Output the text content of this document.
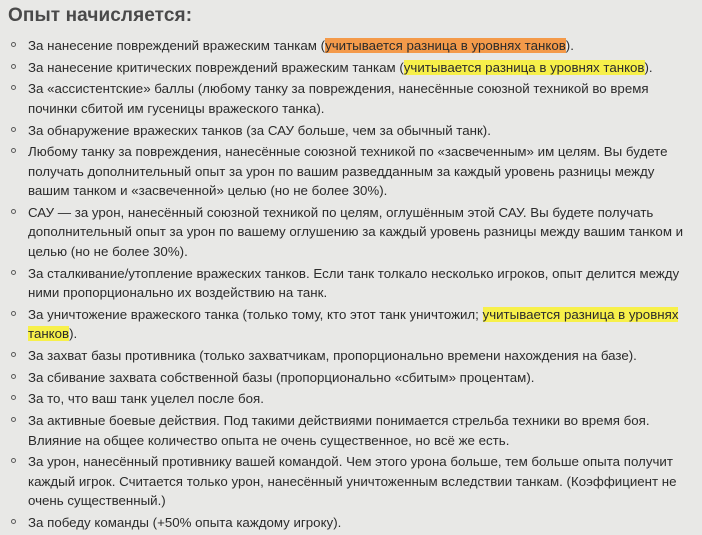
Опыт начисляется:
За нанесение повреждений вражеским танкам (учитывается разница в уровнях танков).
За нанесение критических повреждений вражеским танкам (учитывается разница в уровнях танков).
За «ассистентские» баллы (любому танку за повреждения, нанесённые союзной техникой во время починки сбитой им гусеницы вражеского танка).
За обнаружение вражеских танков (за САУ больше, чем за обычный танк).
Любому танку за повреждения, нанесённые союзной техникой по «засвеченным» им целям. Вы будете получать дополнительный опыт за урон по вашим разведданным за каждый уровень разницы между вашим танком и «засвеченной» целью (но не более 30%).
САУ — за урон, нанесённый союзной техникой по целям, оглушённым этой САУ. Вы будете получать дополнительный опыт за урон по вашему оглушению за каждый уровень разницы между вашим танком и целью (но не более 30%).
За сталкивание/утопление вражеских танков. Если танк толкало несколько игроков, опыт делится между ними пропорционально их воздействию на танк.
За уничтожение вражеского танка (только тому, кто этот танк уничтожил; учитывается разница в уровнях танков).
За захват базы противника (только захватчикам, пропорционально времени нахождения на базе).
За сбивание захвата собственной базы (пропорционально «сбитым» процентам).
За то, что ваш танк уцелел после боя.
За активные боевые действия. Под такими действиями понимается стрельба техники во время боя. Влияние на общее количество опыта не очень существенное, но всё же есть.
За урон, нанесённый противнику вашей командой. Чем этого урона больше, тем больше опыта получит каждый игрок. Считается только урон, нанесённый уничтоженным вследствии танкам. (Коэффициент не очень существенный.)
За победу команды (+50% опыта каждому игроку).
